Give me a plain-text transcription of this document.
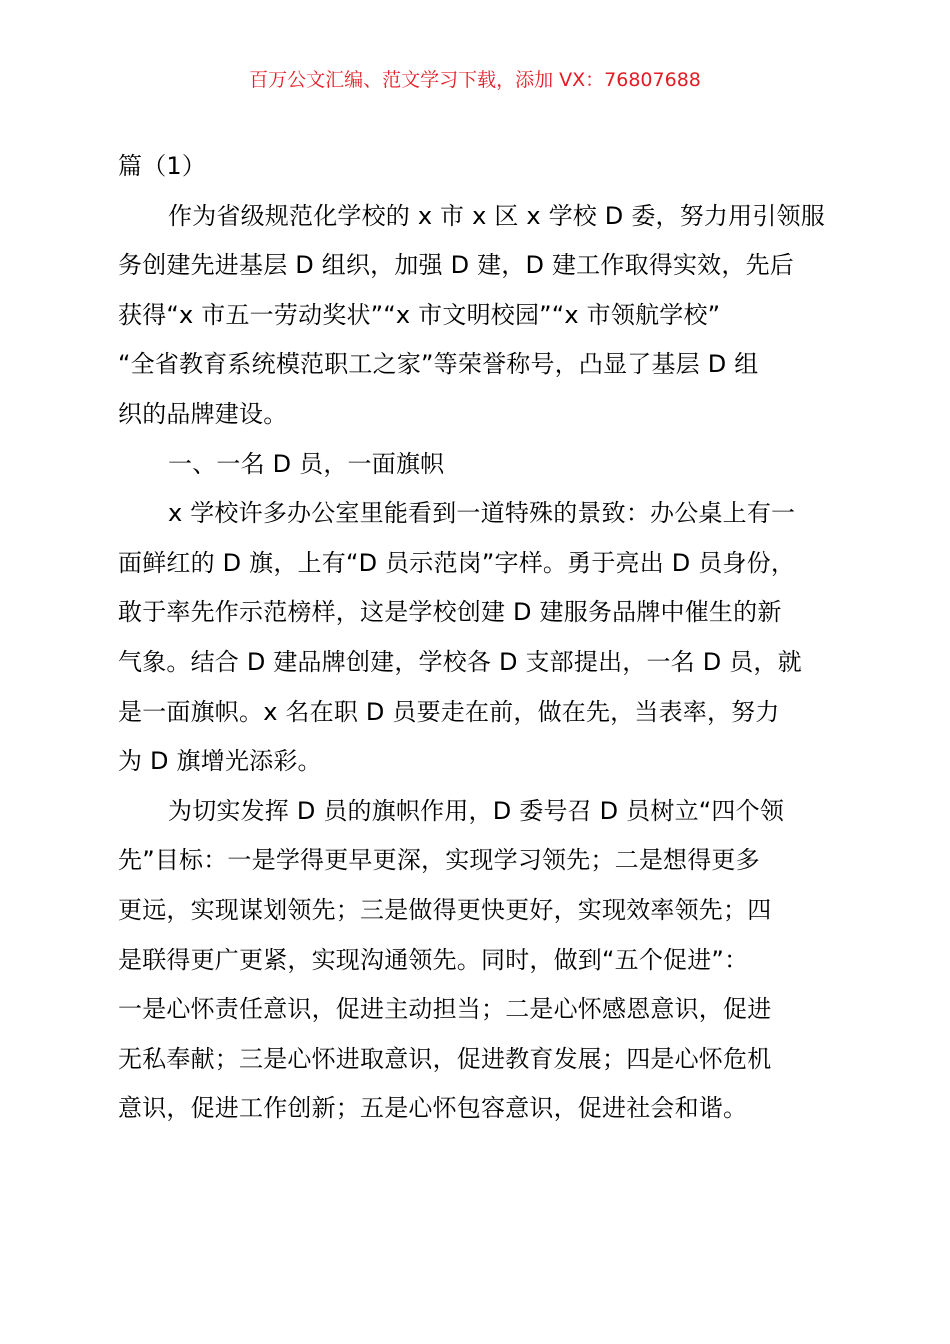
百万公文汇编、范文学习下载，添加 VX：76807688
篇（1）
作为省级规范化学校的 x 市 x 区 x 学校 D 委，努力用引领服
务创建先进基层 D 组织，加强 D 建，D 建工作取得实效，先后
获得“x 市五一劳动奖状”“x 市文明校园”“x 市领航学校”
“全省教育系统模范职工之家”等荣誉称号，凸显了基层 D 组
织的品牌建设。
一、一名 D 员，一面旗帜
x 学校许多办公室里能看到一道特殊的景致：办公桌上有一
面鲜红的 D 旗，上有“D 员示范岗”字样。勇于亮出 D 员身份，
敢于率先作示范榜样，这是学校创建 D 建服务品牌中催生的新
气象。结合 D 建品牌创建，学校各 D 支部提出，一名 D 员，就
是一面旗帜。x 名在职 D 员要走在前，做在先，当表率，努力
为 D 旗增光添彩。
为切实发挥 D 员的旗帜作用，D 委号召 D 员树立“四个领
先”目标：一是学得更早更深，实现学习领先；二是想得更多
更远，实现谋划领先；三是做得更快更好，实现效率领先；四
是联得更广更紧，实现沟通领先。同时，做到“五个促进”：
一是心怀责任意识，促进主动担当；二是心怀感恩意识，促进
无私奉献；三是心怀进取意识，促进教育发展；四是心怀危机
意识，促进工作创新；五是心怀包容意识，促进社会和谐。
